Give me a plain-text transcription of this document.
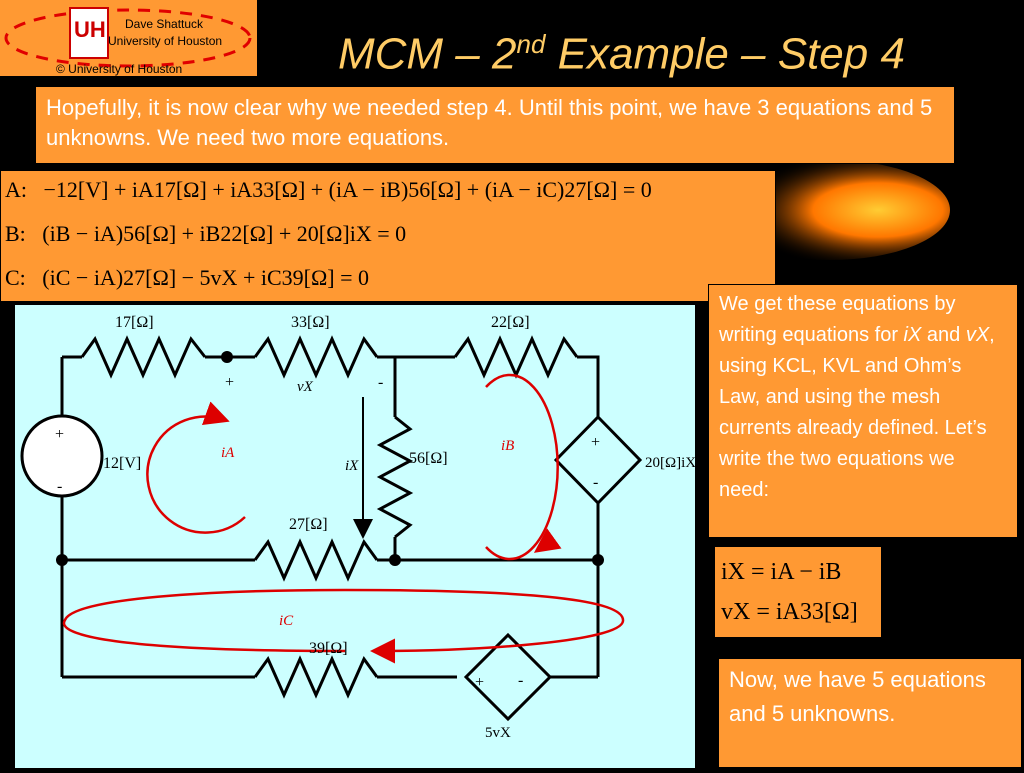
UH Dave Shattuck
University of Houston
© University of Houston	MCM – 2nd Example – Step 4
Hopefully, it is now clear why we needed step 4. Until this point, we have 3 equations and 5 unknowns. We need two more equations.
A: −12[V] + iA17[Ω] + iA33[Ω] + (iA − iB)56[Ω] + (iA − iC)27[Ω] = 0
B: (iB − iA)56[Ω] + iB22[Ω] + 20[Ω]iX = 0
C: (iC − iA)27[Ω] − 5vX + iC39[Ω] = 0
We get these equations by writing equations for iX and vX, using KCL, KVL and Ohm’s Law, and using the mesh currents already defined. Let’s write the two equations we need:
iX = iA − iB
vX = iA33[Ω]
Now, we have 5 equations and 5 unknowns.
17[Ω]	33[Ω]	22[Ω]
56[Ω]
27[Ω]
39[Ω]
12[V]	20[Ω]iX
5vX
+
-
+	-
vX
iX
+
-
+ -
iA	iB
iC
